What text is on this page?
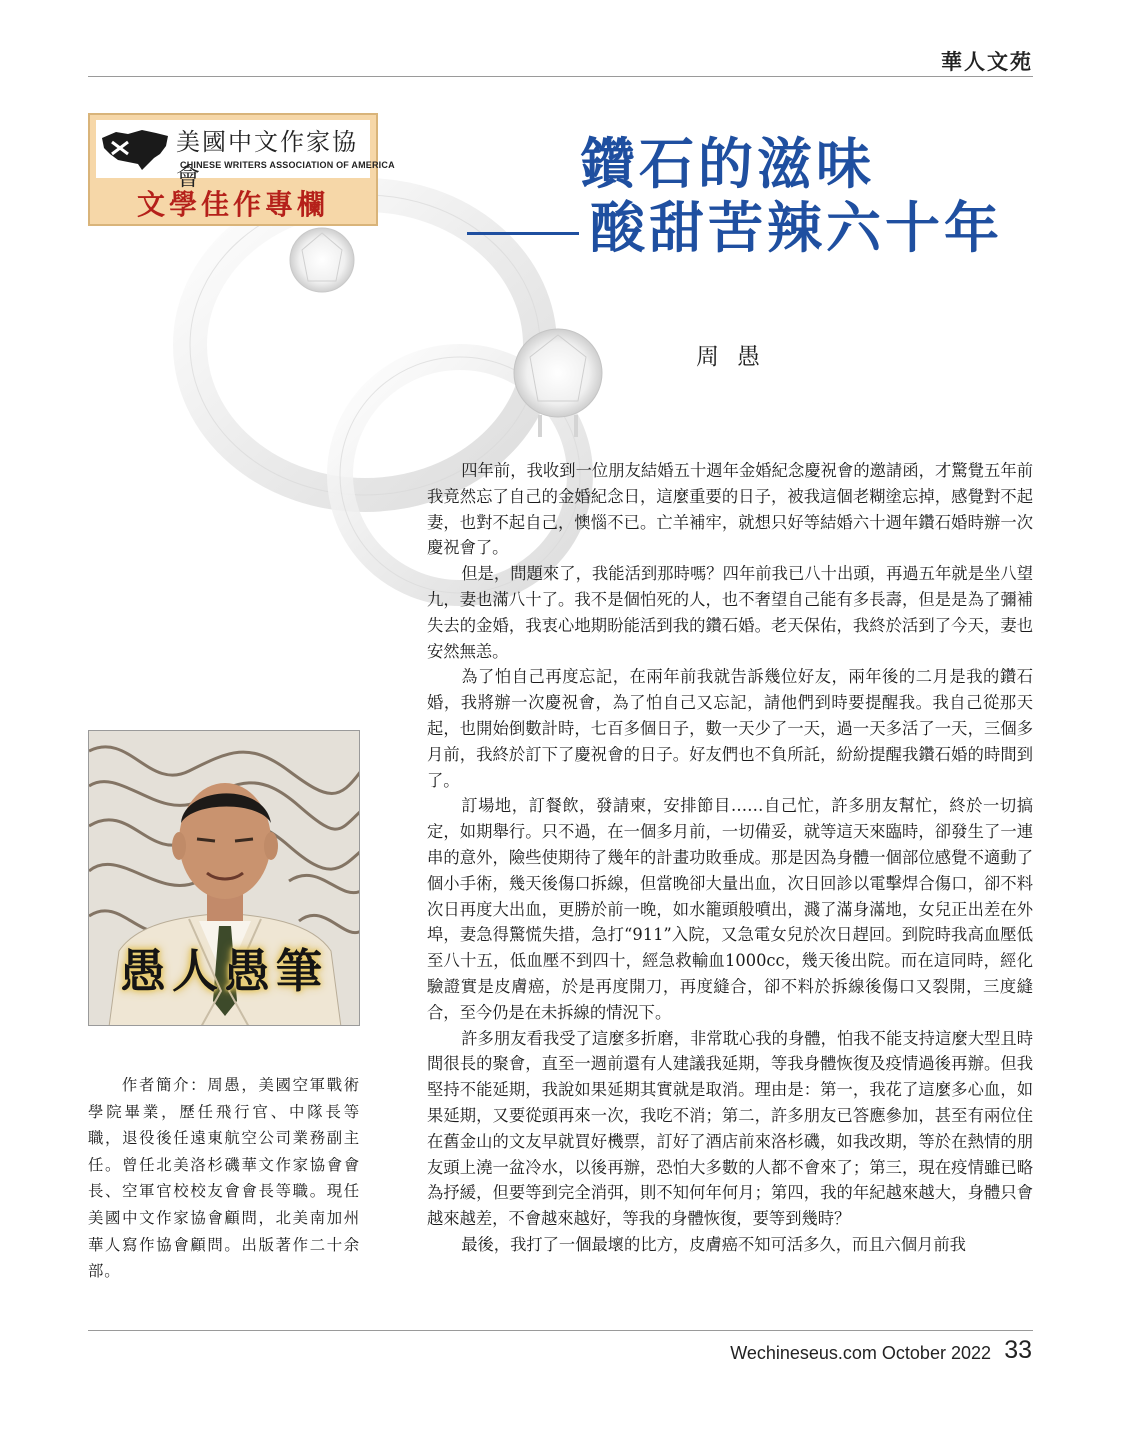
華人文苑
美國中文作家協會
CHINESE WRITERS ASSOCIATION OF AMERICA
文學佳作專欄
鑽石的滋味
酸甜苦辣六十年
周愚

四年前，我收到一位朋友結婚五十週年金婚紀念慶祝會的邀請函，才驚覺五年前我竟然忘了自己的金婚紀念日，這麼重要的日子，被我這個老糊塗忘掉，感覺對不起妻，也對不起自己，懊惱不已。亡羊補牢，就想只好等結婚六十週年鑽石婚時辦一次慶祝會了。

但是，問題來了，我能活到那時嗎？四年前我已八十出頭，再過五年就是坐八望九，妻也滿八十了。我不是個怕死的人，也不奢望自己能有多長壽，但是是為了彌補失去的金婚，我衷心地期盼能活到我的鑽石婚。老天保佑，我終於活到了今天，妻也安然無恙。

為了怕自己再度忘記，在兩年前我就告訴幾位好友，兩年後的二月是我的鑽石婚，我將辦一次慶祝會，為了怕自己又忘記，請他們到時要提醒我。我自己從那天起，也開始倒數計時，七百多個日子，數一天少了一天，過一天多活了一天，三個多月前，我終於訂下了慶祝會的日子。好友們也不負所託，紛紛提醒我鑽石婚的時間到了。

訂場地，訂餐飲，發請柬，安排節目……自己忙，許多朋友幫忙，終於一切搞定，如期舉行。只不過，在一個多月前，一切備妥，就等這天來臨時，卻發生了一連串的意外，險些使期待了幾年的計畫功敗垂成。那是因為身體一個部位感覺不適動了個小手術，幾天後傷口拆線，但當晚卻大量出血，次日回診以電擊焊合傷口，卻不料次日再度大出血，更勝於前一晚，如水籠頭般噴出，濺了滿身滿地，女兒正出差在外埠，妻急得驚慌失措，急打“911”入院，又急電女兒於次日趕回。到院時我高血壓低至八十五，低血壓不到四十，經急救輸血1000cc，幾天後出院。而在這同時，經化驗證實是皮膚癌，於是再度開刀，再度縫合，卻不料於拆線後傷口又裂開，三度縫合，至今仍是在未拆線的情況下。

許多朋友看我受了這麼多折磨，非常耽心我的身體，怕我不能支持這麼大型且時間很長的聚會，直至一週前還有人建議我延期，等我身體恢復及疫情過後再辦。但我堅持不能延期，我說如果延期其實就是取消。理由是：第一，我花了這麼多心血，如果延期，又要從頭再來一次，我吃不消；第二，許多朋友已答應參加，甚至有兩位住在舊金山的文友早就買好機票，訂好了酒店前來洛杉磯，如我改期，等於在熱情的朋友頭上澆一盆冷水，以後再辦，恐怕大多數的人都不會來了；第三，現在疫情雖已略為抒緩，但要等到完全消弭，則不知何年何月；第四，我的年紀越來越大，身體只會越來越差，不會越來越好，等我的身體恢復，要等到幾時？

最後，我打了一個最壞的比方，皮膚癌不知可活多久，而且六個月前我

愚人愚筆

作者簡介：周愚，美國空軍戰術學院畢業，歷任飛行官、中隊長等職，退役後任遠東航空公司業務副主任。曾任北美洛杉磯華文作家協會會長、空軍官校校友會會長等職。現任美國中文作家協會顧問，北美南加州華人寫作協會顧問。出版著作二十余部。

Wechineseus.com October 2022 33
